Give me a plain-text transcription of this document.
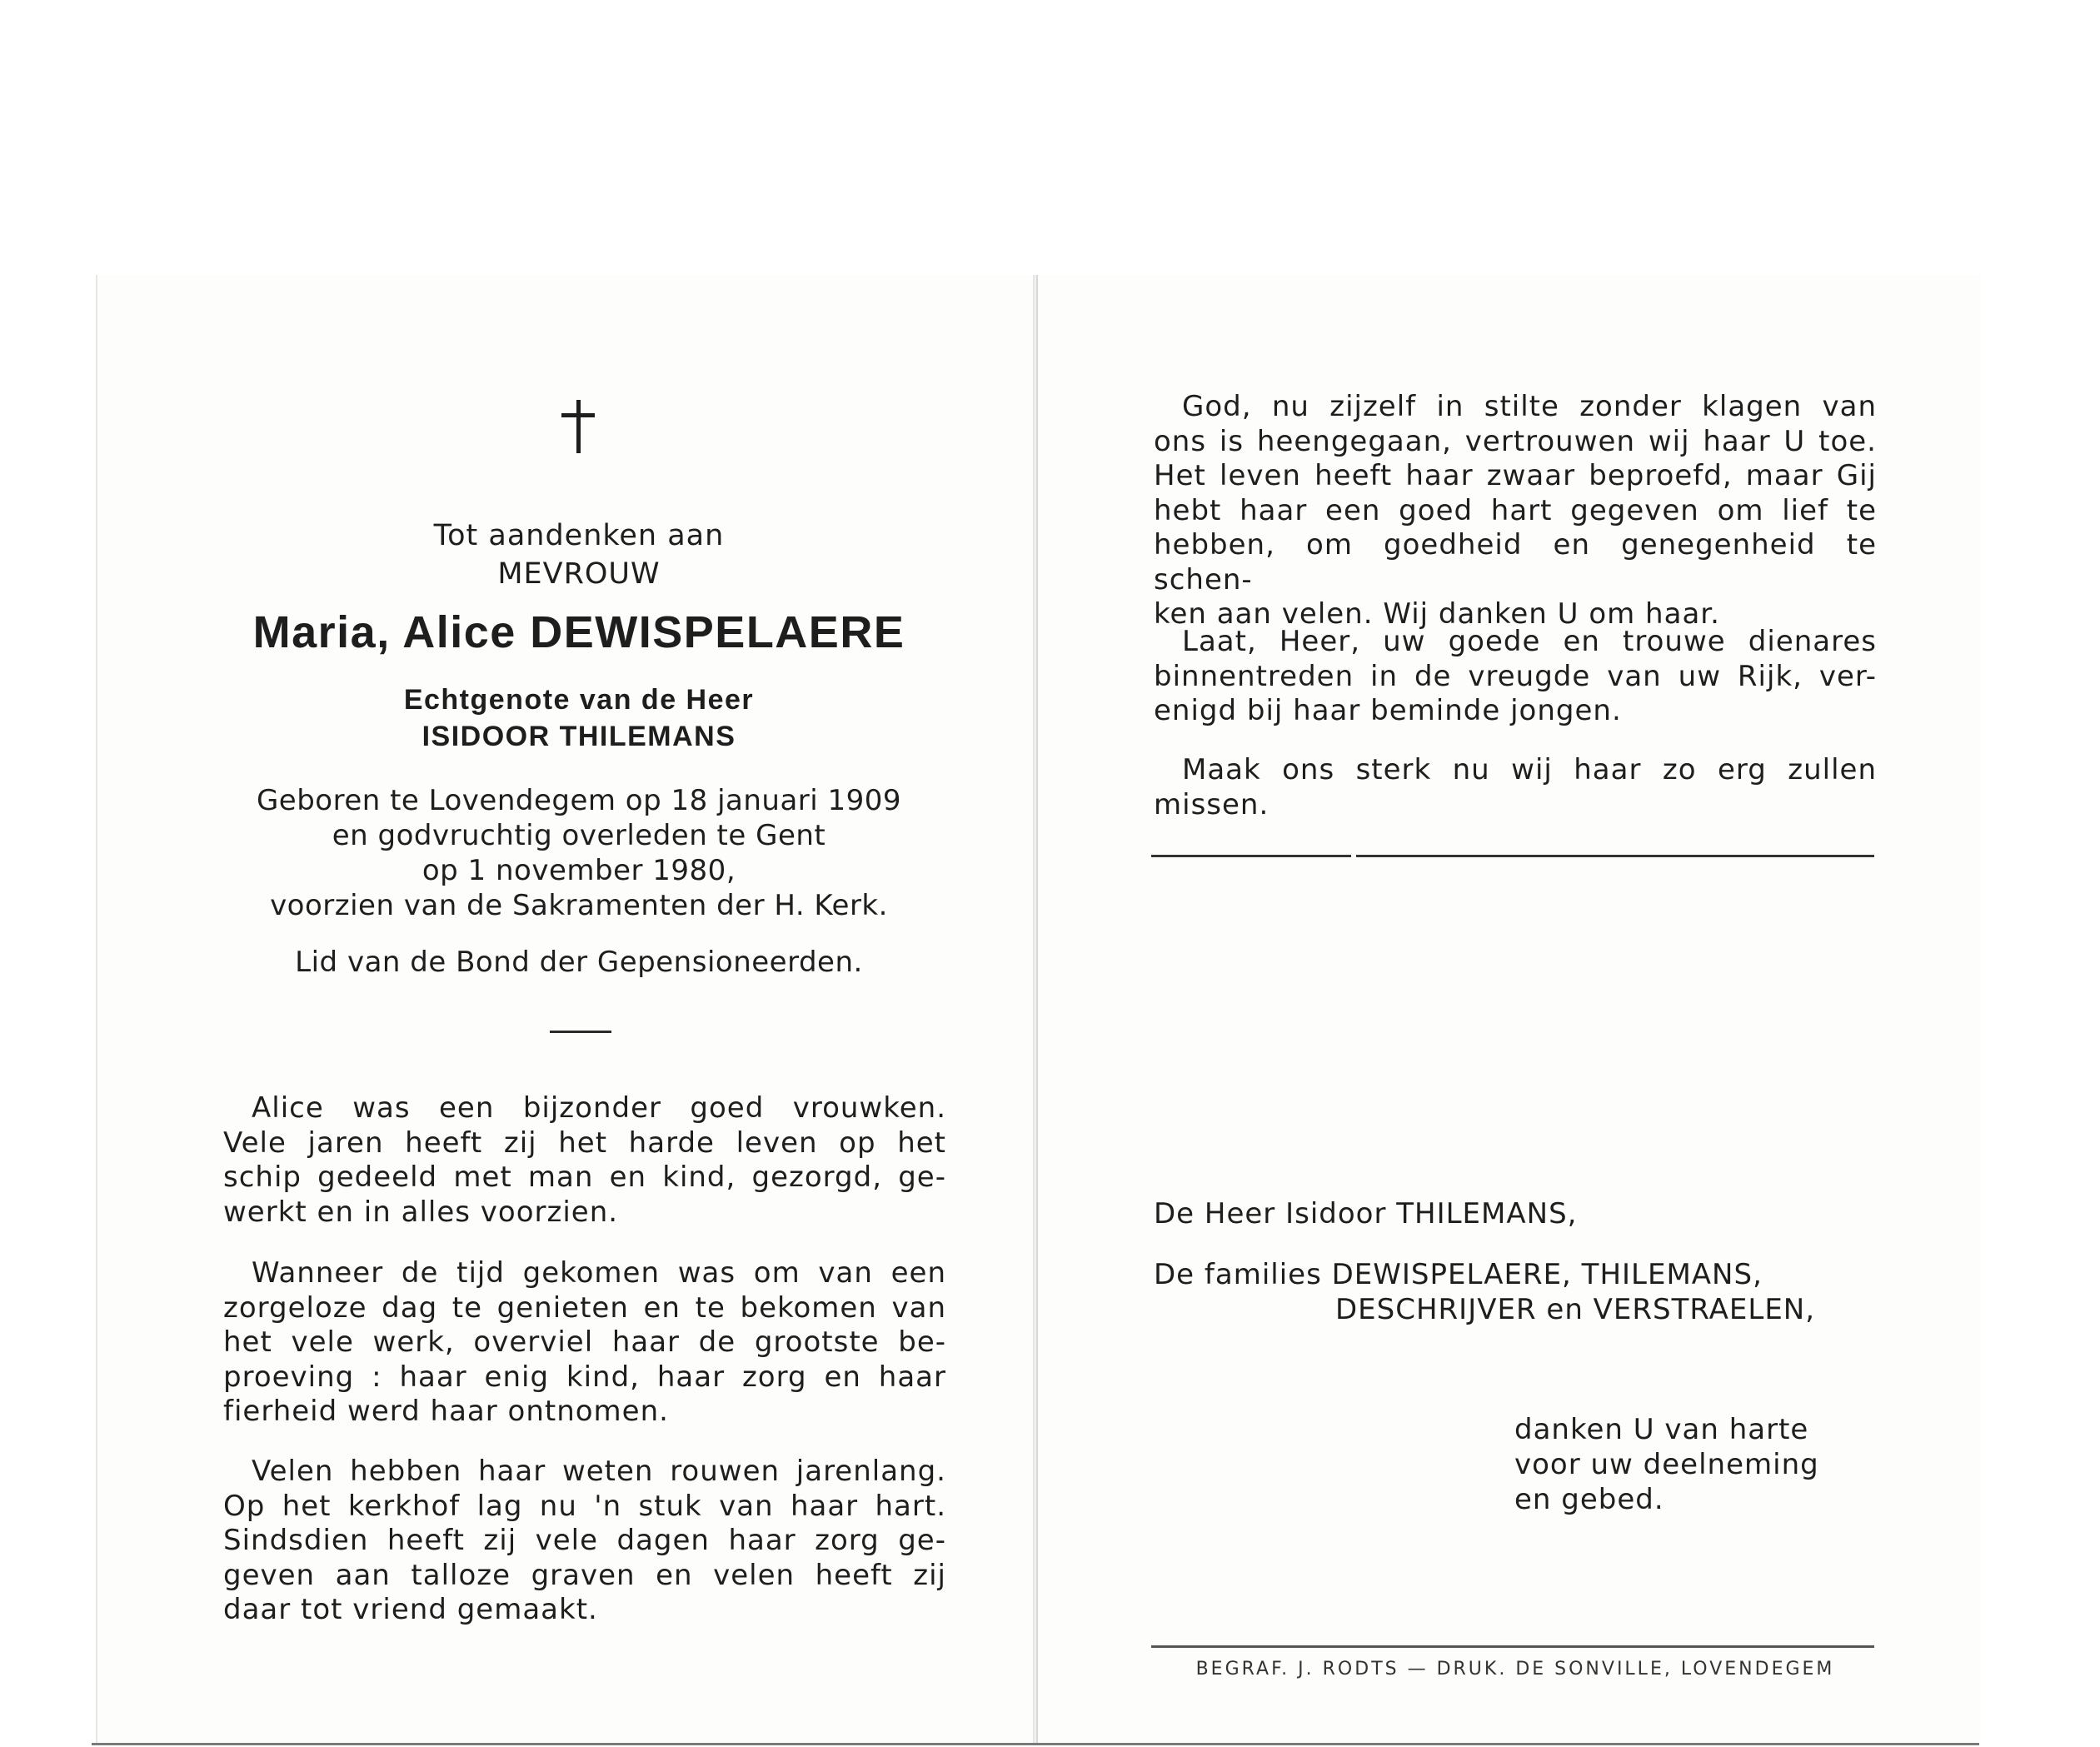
Tot aandenken aan
MEVROUW
Maria, Alice DEWISPELAERE
Echtgenote van de Heer
ISIDOOR THILEMANS
Geboren te Lovendegem op 18 januari 1909
en godvruchtig overleden te Gent
op 1 november 1980,
voorzien van de Sakramenten der H. Kerk.
Lid van de Bond der Gepensioneerden.
Alice was een bijzonder goed vrouwken.
Vele jaren heeft zij het harde leven op het
schip gedeeld met man en kind, gezorgd, ge-
werkt en in alles voorzien.
Wanneer de tijd gekomen was om van een
zorgeloze dag te genieten en te bekomen van
het vele werk, overviel haar de grootste be-
proeving : haar enig kind, haar zorg en haar
fierheid werd haar ontnomen.
Velen hebben haar weten rouwen jarenlang.
Op het kerkhof lag nu 'n stuk van haar hart.
Sindsdien heeft zij vele dagen haar zorg ge-
geven aan talloze graven en velen heeft zij
daar tot vriend gemaakt.
God, nu zijzelf in stilte zonder klagen van
ons is heengegaan, vertrouwen wij haar U toe.
Het leven heeft haar zwaar beproefd, maar Gij
hebt haar een goed hart gegeven om lief te
hebben, om goedheid en genegenheid te schen-
ken aan velen. Wij danken U om haar.
Laat, Heer, uw goede en trouwe dienares
binnentreden in de vreugde van uw Rijk, ver-
enigd bij haar beminde jongen.
Maak ons sterk nu wij haar zo erg zullen
missen.
De Heer Isidoor THILEMANS,
De families DEWISPELAERE, THILEMANS,
DESCHRIJVER en VERSTRAELEN,
danken U van harte
voor uw deelneming
en gebed.
BEGRAF. J. RODTS — DRUK. DE SONVILLE, LOVENDEGEM
